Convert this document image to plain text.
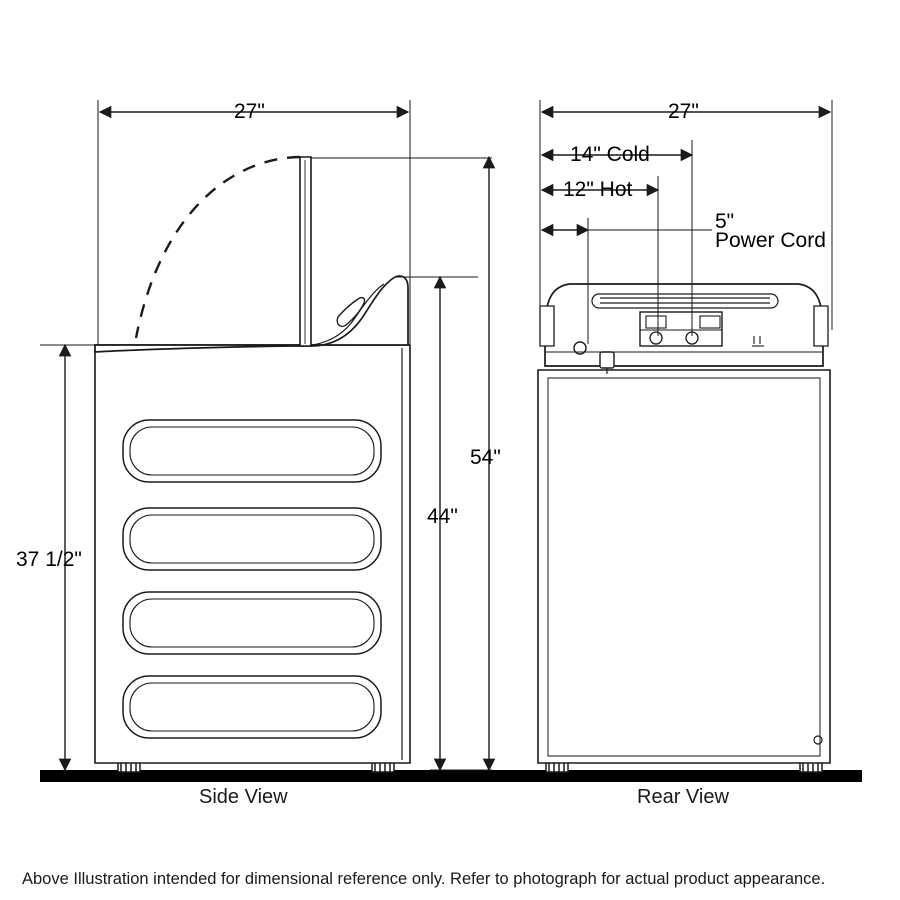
27"
54"
44"
37 1/2"
27"
14" Cold
12" Hot
5"
Power Cord
Side View	Rear View
Above Illustration intended for dimensional reference only. Refer to photograph for actual product appearance.
